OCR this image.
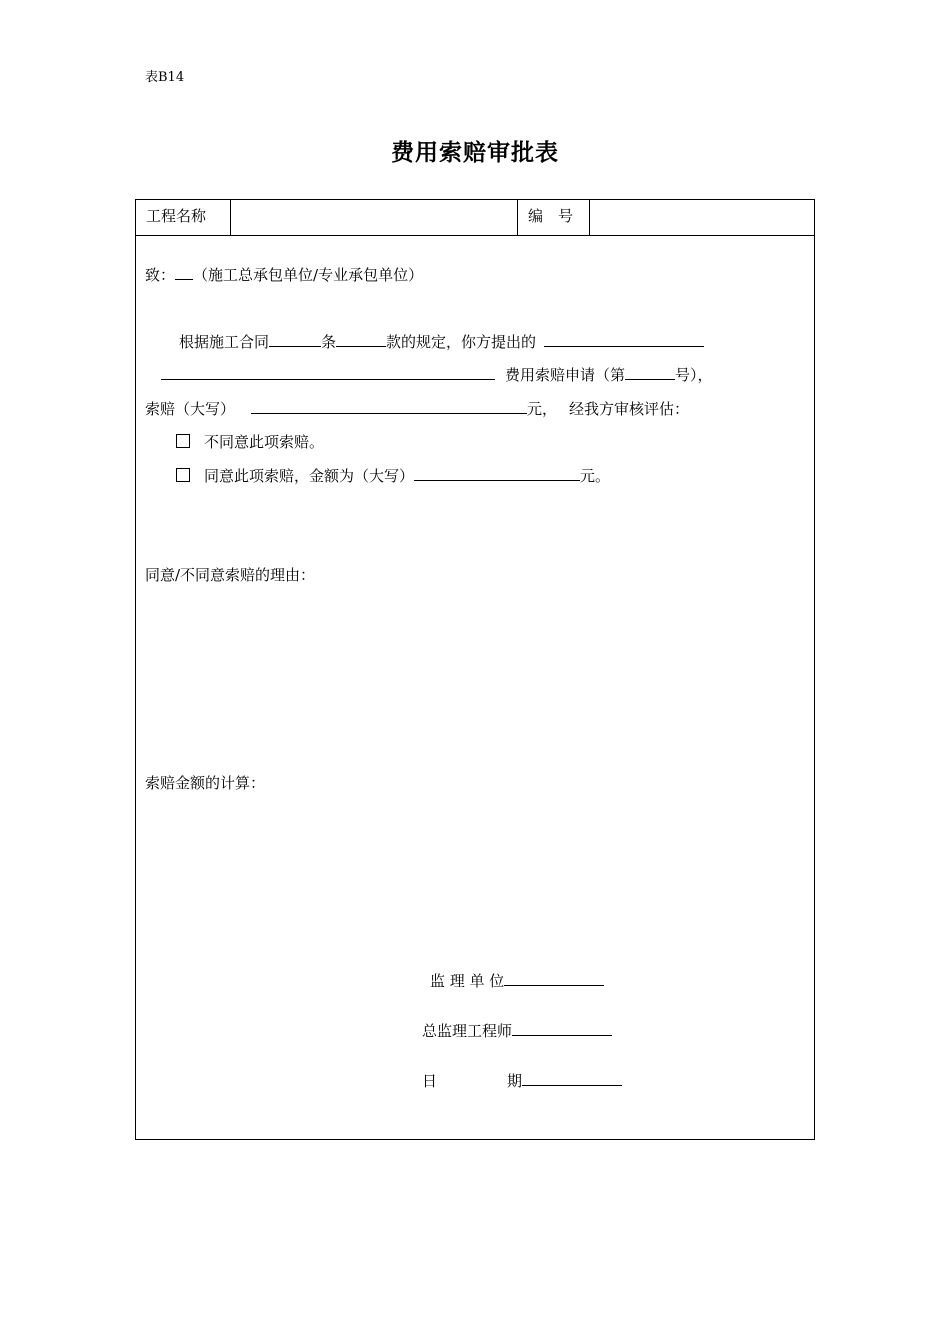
表B14
费用索赔审批表
工程名称	编　号
致： （施工总承包单位/专业承包单位）
根据施工合同	条	款的规定，你方提出的
费用索赔申请（第	号），
索赔（大写）	元， 经我方审核评估：
不同意此项索赔。
同意此项索赔，金额为（大写）	元。
同意/不同意索赔的理由：
索赔金额的计算：
监 理 单 位
总监理工程师
日	期
